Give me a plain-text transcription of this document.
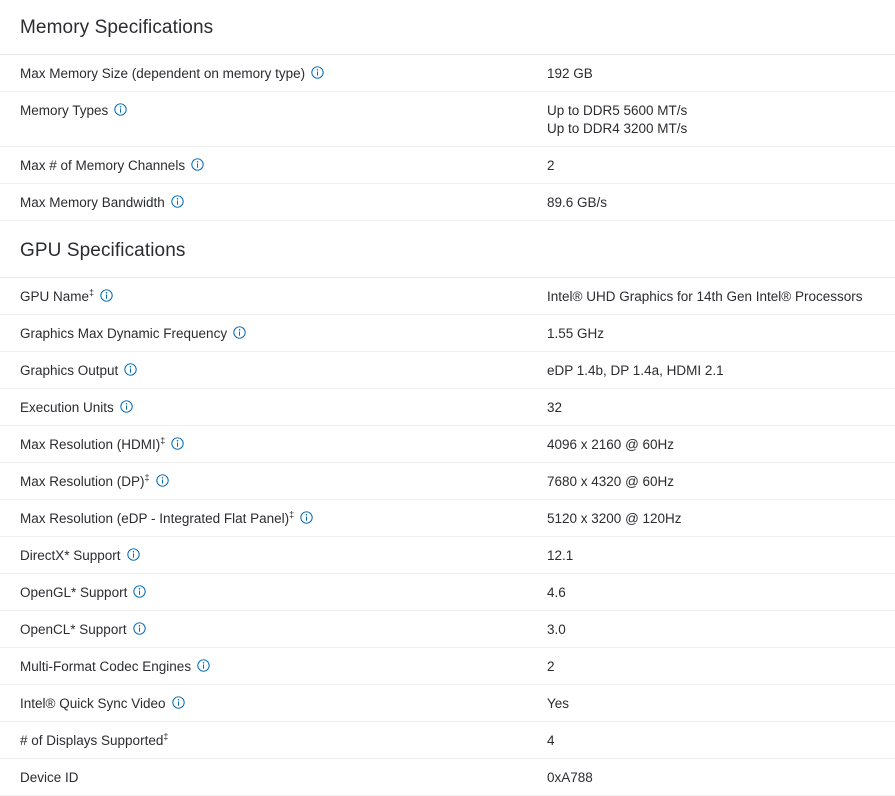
Memory Specifications
Max Memory Size (dependent on memory type)	192 GB

Memory Types	Up to DDR5 5600 MT/s
Up to DDR4 3200 MT/s

Max # of Memory Channels	2

Max Memory Bandwidth	89.6 GB/s
GPU Specifications
GPU Name‡	Intel® UHD Graphics for 14th Gen Intel® Processors

Graphics Max Dynamic Frequency	1.55 GHz

Graphics Output	eDP 1.4b, DP 1.4a, HDMI 2.1

Execution Units	32

Max Resolution (HDMI)‡	4096 x 2160 @ 60Hz

Max Resolution (DP)‡	7680 x 4320 @ 60Hz

Max Resolution (eDP - Integrated Flat Panel)‡	5120 x 3200 @ 120Hz

DirectX* Support	12.1

OpenGL* Support	4.6

OpenCL* Support	3.0

Multi-Format Codec Engines	2

Intel® Quick Sync Video	Yes

# of Displays Supported‡	4

Device ID	0xA788
